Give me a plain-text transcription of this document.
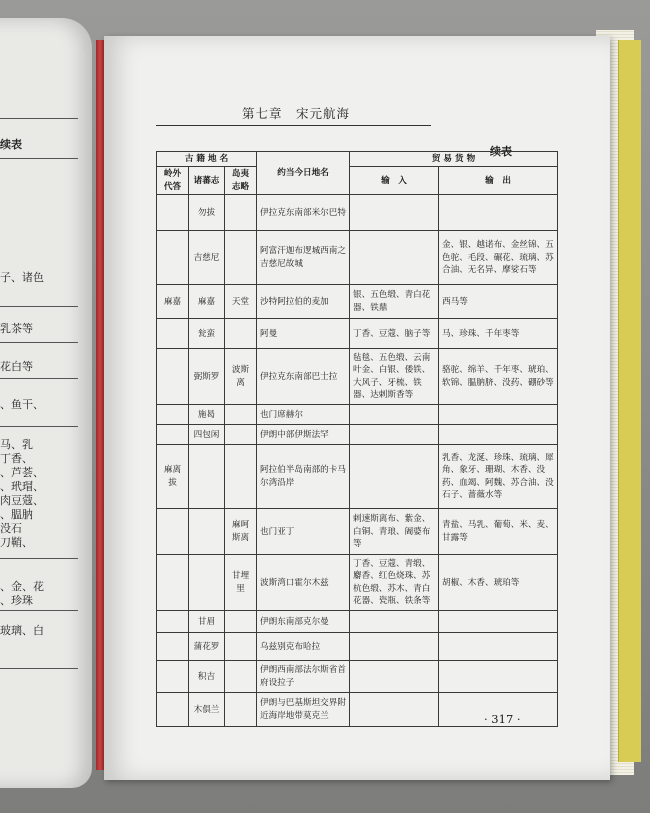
续表
子、诸色
乳茶等
花白等
、鱼干、
马、乳
丁香、
、芦荟、
、玳瑁、
肉豆蔻、
、腽肭
没石
刀鞘、
、金、花
、珍珠
玻璃、白
第七章　宋元航海
续表
古 籍 地 名			约当今日地名	贸 易 货 物	
岭外代答	诸蕃志	岛夷志略		输　入	输　出
	勿拔		伊拉克东南部米尔巴特		
	吉慈尼		阿富汗迦布逻城西南之吉慈尼故城		金、银、越诺布、金丝锦、五色驼、毛段、碾花、琉璃、苏合油、无名异、摩娑石等
麻嘉	麻嘉	天堂	沙特阿拉伯的麦加	银、五色缎、青白花器、铁鼎	西马等
	瓮蛮		阿曼	丁香、豆蔻、脑子等	马、珍珠、千年枣等
	弼斯罗	波斯离	伊拉克东南部巴士拉	毡毯、五色缎、云南叶金、白银、倭铁、大风子、牙梳、铁器、达剌斯香等	骆驼、绵羊、千年枣、琥珀、软锦、腽肭脐、没药、硼砂等
	施曷		也门席赫尔		
	四包闲		伊朗中部伊斯法罕		
麻离拔			阿拉伯半岛南部的卡马尔湾沿岸		乳香、龙涎、珍珠、琉璃、犀角、象牙、珊瑚、木香、没药、血竭、阿魏、苏合油、没石子、蔷薇水等
		麻呵斯离	也门亚丁	剌速斯离布、紫金、白铜、青琅、阇婆布等	青盐、马乳、葡萄、米、麦、甘露等
		甘埋里	波斯湾口霍尔木兹	丁香、豆蔻、青缎、麝香、红色烧珠、苏杭色缎、苏木、青白花器、瓷瓶、铁条等	胡椒、木香、琥珀等
	甘眉		伊朗东南部克尔曼		
	蒲花罗		乌兹别克布哈拉		
	积吉		伊朗西南部法尔斯省首府设拉子		
	木俱兰		伊朗与巴基斯坦交界附近海岸地带莫克兰			· 317 ·
